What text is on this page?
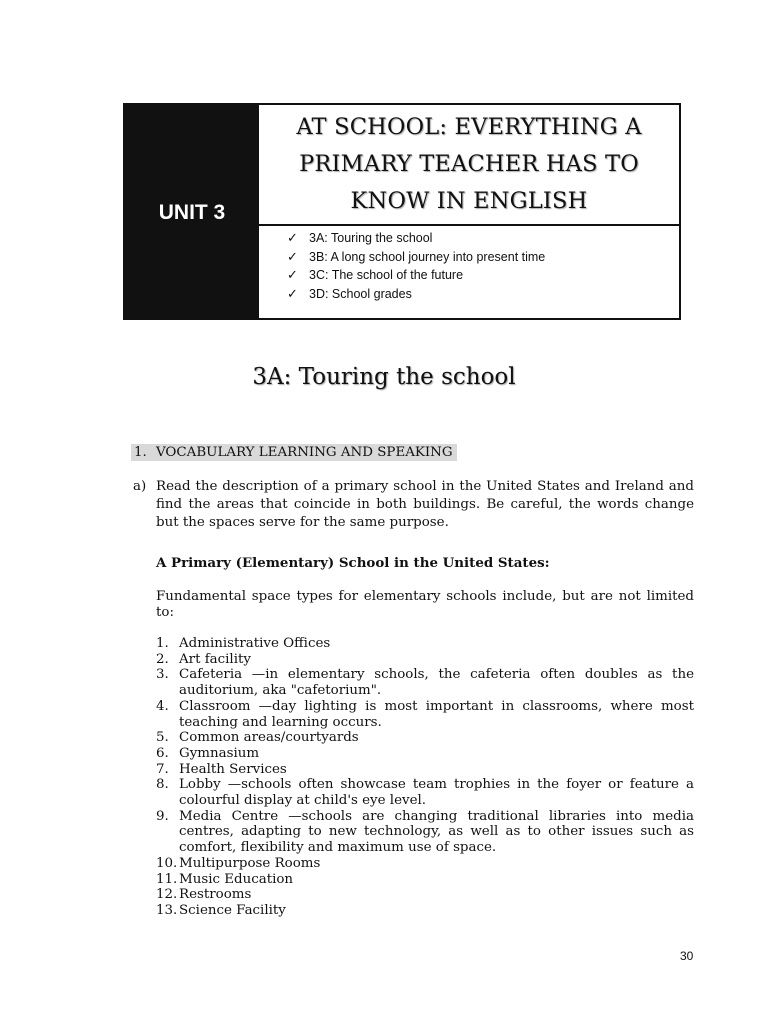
UNIT 3
AT SCHOOL: EVERYTHING A PRIMARY TEACHER HAS TO KNOW IN ENGLISH
✓ 3A: Touring the school
✓ 3B: A long school journey into present time
✓ 3C: The school of the future
✓ 3D: School grades
3A: Touring the school
1. VOCABULARY LEARNING AND SPEAKING
a) Read the description of a primary school in the United States and Ireland and find the areas that coincide in both buildings. Be careful, the words change but the spaces serve for the same purpose.
A Primary (Elementary) School in the United States:
Fundamental space types for elementary schools include, but are not limited to:
1. Administrative Offices
2. Art facility
3. Cafeteria —in elementary schools, the cafeteria often doubles as the auditorium, aka "cafetorium".
4. Classroom —day lighting is most important in classrooms, where most teaching and learning occurs.
5. Common areas/courtyards
6. Gymnasium
7. Health Services
8. Lobby —schools often showcase team trophies in the foyer or feature a colourful display at child's eye level.
9. Media Centre —schools are changing traditional libraries into media centres, adapting to new technology, as well as to other issues such as comfort, flexibility and maximum use of space.
10. Multipurpose Rooms
11. Music Education
12. Restrooms
13. Science Facility
30
